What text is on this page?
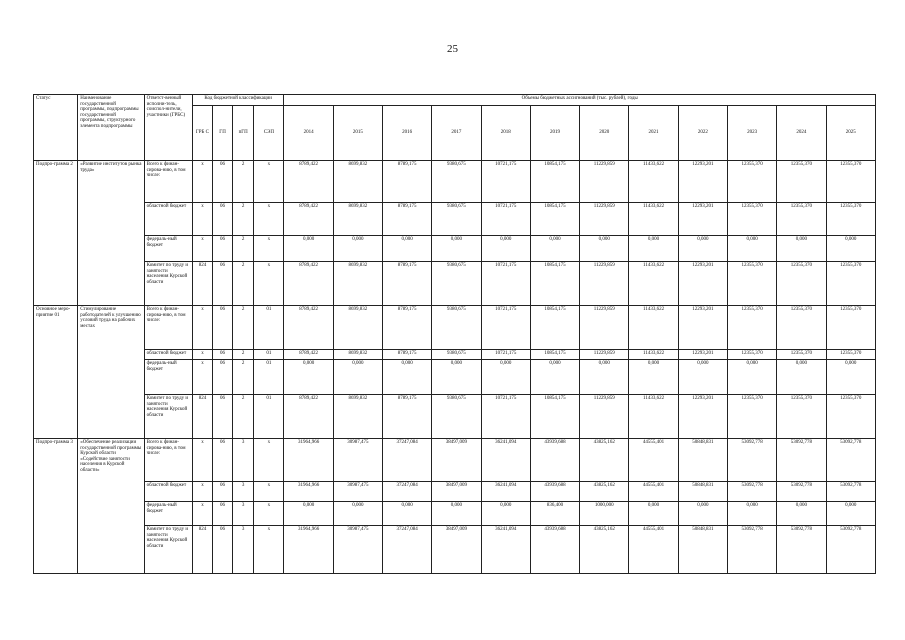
25
Статус	Наименование государственной программы, подпрограммы государственной программы, структурного элемента подпрограммы	Ответст-венный исполни-тель, соиспол-нители, участники (ГРБС)	Код бюджетной классификации				Объемы бюджетных ассигнований (тыс. рублей), годы											
			ГРБ С	ГП	пГП	СЭП	2014	2015	2016	2017	2018	2019	2020	2021	2022	2023	2024	2025
Подпро-грамма 2	«Развитие институтов рынка труда»	Всего к финан-сирова-нию, в том числе:	х	06	2	х	8789,422	8699,832	8789,175	9380,675	10721,175	10854,175	11229,859	11433,622	12293,201	12355,370	12355,370	12355,370
		областной бюджет	х	06	2	х	8789,422	8699,832	8789,175	9380,675	10721,175	10854,175	11229,859	11433,622	12293,201	12355,370	12355,370	12355,370
		федераль-ный бюджет	х	06	2	х	0,000	0,000	0,000	0,000	0,000	0,000	0,000	0,000	0,000	0,000	0,000	0,000
		Комитет по труду и занятости населения Курской области	824	06	2	х	8789,422	8699,832	8789,175	9380,675	10721,175	10854,175	11229,859	11433,622	12293,201	12355,370	12355,370	12355,370
Основное меро-приятие 01	Стимулирование работодателей к улучшению условий труда на рабочих местах	Всего к финан-сирова-нию, в том числе:	х	06	2	01	8789,422	8699,832	8789,175	9380,675	10721,175	10854,175	11229,859	11433,622	12293,201	12355,370	12355,370	12355,370
		областной бюджет	х	06	2	01	8789,422	8699,832	8789,175	9380,675	10721,175	10854,175	11229,859	11433,622	12293,201	12355,370	12355,370	12355,370
		федераль-ный бюджет	х	06	2	01	0,000	0,000	0,000	0,000	0,000	0,000	0,000	0,000	0,000	0,000	0,000	0,000
		Комитет по труду и занятости населения Курской области	824	06	2	01	8789,422	8699,832	8789,175	9380,675	10721,175	10854,175	11229,859	11433,622	12293,201	12355,370	12355,370	12355,370
Подпро-грамма 3	«Обеспечение реализации государственной программы Курской области «Содействие занятости населения в Курской области»	Всего к финан-сирова-нию, в том числе:	х	06	3	х	31964,966	30987,475	37247,084	38497,009	36241,094	43939,688	43825,162	44555,401	50848,831	53092,778	53092,778	53092,778
		областной бюджет	х	06	3	х	31964,966	30987,475	37247,084	38497,009	36241,094	43939,688	43825,162	44555,401	50848,831	53092,778	53092,778	53092,778
		федераль-ный бюджет	х	06	3	х	0,000	0,000	0,000	0,000	0,000	836,400	1000,000	0,000	0,000	0,000	0,000	0,000
		Комитет по труду и занятости населения Курской области	824	06	3	х	31964,966	30987,475	37247,084	38497,009	36241,094	43939,688	43825,162	44555,401	50848,831	53092,778	53092,778	53092,778
